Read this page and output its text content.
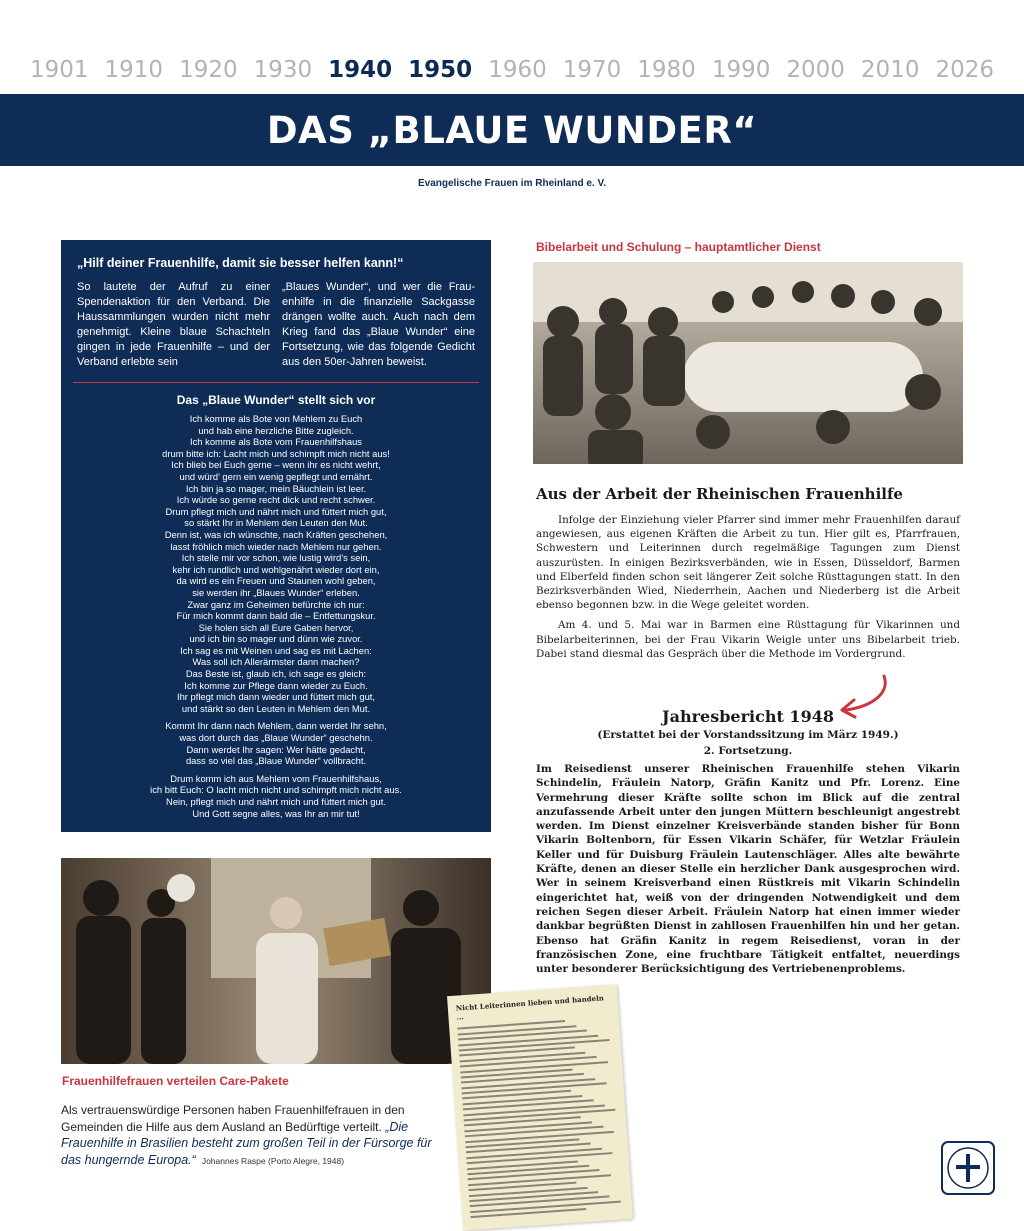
1901 1910 1920 1930 1940 1950 1960 1970 1980 1990 2000 2010 2026
DAS „BLAUE WUNDER“
Evangelische Frauen im Rheinland e. V.
„Hilf deiner Frauenhilfe, damit sie besser helfen kann!“

So lautete der Aufruf zu einer Spendenaktion für den Verband. Die Haussammlungen wurden nicht mehr genehmigt. Kleine blaue Schachteln gingen in jede Frauenhilfe – und der Verband erlebte sein

„Blaues Wunder“, und wer die Frauenhilfe in die finanzielle Sackgasse drängen wollte auch. Auch nach dem Krieg fand das „Blaue Wunder“ eine Fortsetzung, wie das folgende Gedicht aus den 50er-Jahren beweist.

Das „Blaue Wunder“ stellt sich vor
Ich komme als Bote von Mehlem zu Euch
und hab eine herzliche Bitte zugleich.
Ich komme als Bote vom Frauenhilfshaus
drum bitte ich: Lacht mich und schimpft mich nicht aus!
Ich blieb bei Euch gerne – wenn ihr es nicht wehrt,
und würd’ gern ein wenig gepflegt und ernährt.
Ich bin ja so mager, mein Bäuchlein ist leer.
Ich würde so gerne recht dick und recht schwer.
Drum pflegt mich und nährt mich und füttert mich gut,
so stärkt Ihr in Mehlem den Leuten den Mut.
Denn ist, was ich wünschte, nach Kräften geschehen,
lasst fröhlich mich wieder nach Mehlem nur gehen.
Ich stelle mir vor schon, wie lustig wird’s sein,
kehr ich rundlich und wohlgenährt wieder dort ein,
da wird es ein Freuen und Staunen wohl geben,
sie werden ihr „Blaues Wunder“ erleben.
Zwar ganz im Geheimen befürchte ich nur:
Für mich kommt dann bald die – Entfettungskur.
Sie holen sich all Eure Gaben hervor,
und ich bin so mager und dünn wie zuvor.
Ich sag es mit Weinen und sag es mit Lachen:
Was soll ich Allerärmster dann machen?
Das Beste ist, glaub ich, ich sage es gleich:
Ich komme zur Pflege dann wieder zu Euch.
Ihr pflegt mich dann wieder und füttert mich gut,
und stärkt so den Leuten in Mehlem den Mut.
Kommt Ihr dann nach Mehlem, dann werdet Ihr sehn,
was dort durch das „Blaue Wunder“ geschehn.
Dann werdet Ihr sagen: Wer hätte gedacht,
dass so viel das „Blaue Wunder“ vollbracht.
Drum komm ich aus Mehlem vom Frauenhilfshaus,
ich bitt Euch: O lacht mich nicht und schimpft mich nicht aus.
Nein, pflegt mich und nährt mich und füttert mich gut.
Und Gott segne alles, was Ihr an mir tut!
Bibelarbeit und Schulung – hauptamtlicher Dienst
Aus der Arbeit der Rheinischen Frauenhilfe

Infolge der Einziehung vieler Pfarrer sind immer mehr Frauenhilfen darauf angewiesen, aus eigenen Kräften die Arbeit zu tun. Hier gilt es, Pfarrfrauen, Schwestern und Leiterinnen durch regelmäßige Tagungen zum Dienst auszurüsten. In einigen Bezirksverbänden, wie in Essen, Düsseldorf, Barmen und Elberfeld finden schon seit längerer Zeit solche Rüsttagungen statt. In den Bezirksverbänden Wied, Niederrhein, Aachen und Niederberg ist die Arbeit ebenso begonnen bzw. in die Wege geleitet worden.

Am 4. und 5. Mai war in Barmen eine Rüsttagung für Vikarinnen und Bibelarbeiterinnen, bei der Frau Vikarin Weigle unter uns Bibelarbeit trieb. Dabei stand diesmal das Gespräch über die Methode im Vordergrund.

Jahresbericht 1948
(Erstattet bei der Vorstandssitzung im März 1949.)
2. Fortsetzung.
Im Reisedienst unserer Rheinischen Frauenhilfe stehen Vikarin Schindelin, Fräulein Natorp, Gräfin Kanitz und Pfr. Lorenz. Eine Vermehrung dieser Kräfte sollte schon im Blick auf die zentral anzufassende Arbeit unter den jungen Müttern beschleunigt angestrebt werden. Im Dienst einzelner Kreisverbände standen bisher für Bonn Vikarin Boltenborn, für Essen Vikarin Schäfer, für Wetzlar Fräulein Keller und für Duisburg Fräulein Lautenschläger. Alles alte bewährte Kräfte, denen an dieser Stelle ein herzlicher Dank ausgesprochen wird. Wer in seinem Kreisverband einen Rüstkreis mit Vikarin Schindelin eingerichtet hat, weiß von der dringenden Notwendigkeit und dem reichen Segen dieser Arbeit. Fräulein Natorp hat einen immer wieder dankbar begrüßten Dienst in zahllosen Frauenhilfen hin und her getan. Ebenso hat Gräfin Kanitz in regem Reisedienst, voran in der französischen Zone, eine fruchtbare Tätigkeit entfaltet, neuerdings unter besonderer Berücksichtigung des Vertriebenenproblems.
Frauenhilfefrauen verteilen Care-Pakete
Als vertrauenswürdige Personen haben Frauenhilfefrauen in den Gemeinden die Hilfe aus dem Ausland an Bedürftige verteilt. „Die Frauenhilfe in Brasilien besteht zum großen Teil in der Fürsorge für das hungernde Europa.“ Johannes Raspe (Porto Alegre, 1948)
Nicht Leiterinnen lieben und handeln ...
